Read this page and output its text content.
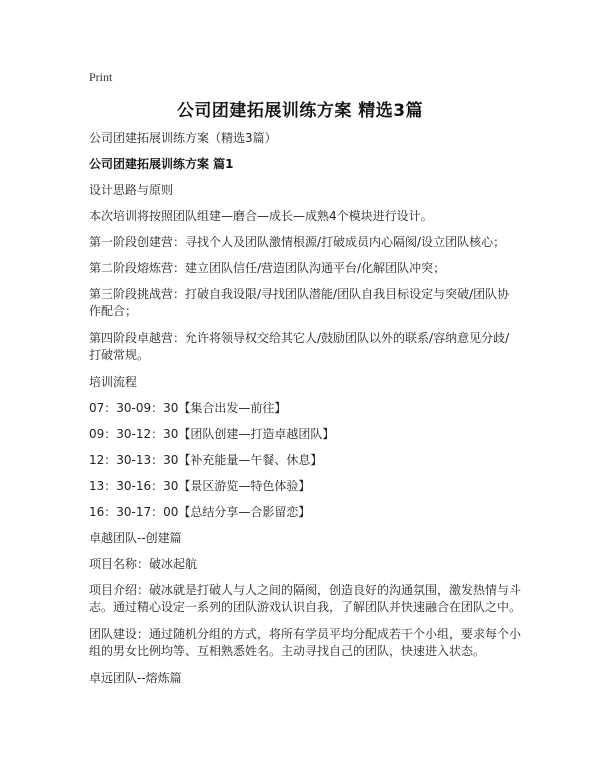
Print
公司团建拓展训练方案 精选3篇

公司团建拓展训练方案（精选3篇）

公司团建拓展训练方案 篇1

设计思路与原则

本次培训将按照团队组建—磨合—成长—成熟4个模块进行设计。

第一阶段创建营：寻找个人及团队激情根源/打破成员内心隔阂/设立团队核心；

第二阶段熔炼营：建立团队信任/营造团队沟通平台/化解团队冲突；

第三阶段挑战营：打破自我设限/寻找团队潜能/团队自我目标设定与突破/团队协作配合；

第四阶段卓越营：允许将领导权交给其它人/鼓励团队以外的联系/容纳意见分歧/打破常规。

培训流程

07：30-09：30【集合出发—前往】

09：30-12：30【团队创建—打造卓越团队】

12：30-13：30【补充能量—午餐、休息】

13：30-16：30【景区游览—特色体验】

16：30-17：00【总结分享—合影留恋】

卓越团队--创建篇

项目名称：破冰起航

项目介绍：破冰就是打破人与人之间的隔阂，创造良好的沟通氛围，激发热情与斗志。通过精心设定一系列的团队游戏认识自我，了解团队并快速融合在团队之中。

团队建设：通过随机分组的方式，将所有学员平均分配成若干个小组，要求每个小组的男女比例均等、互相熟悉姓名。主动寻找自己的团队，快速进入状态。

卓远团队--熔炼篇
